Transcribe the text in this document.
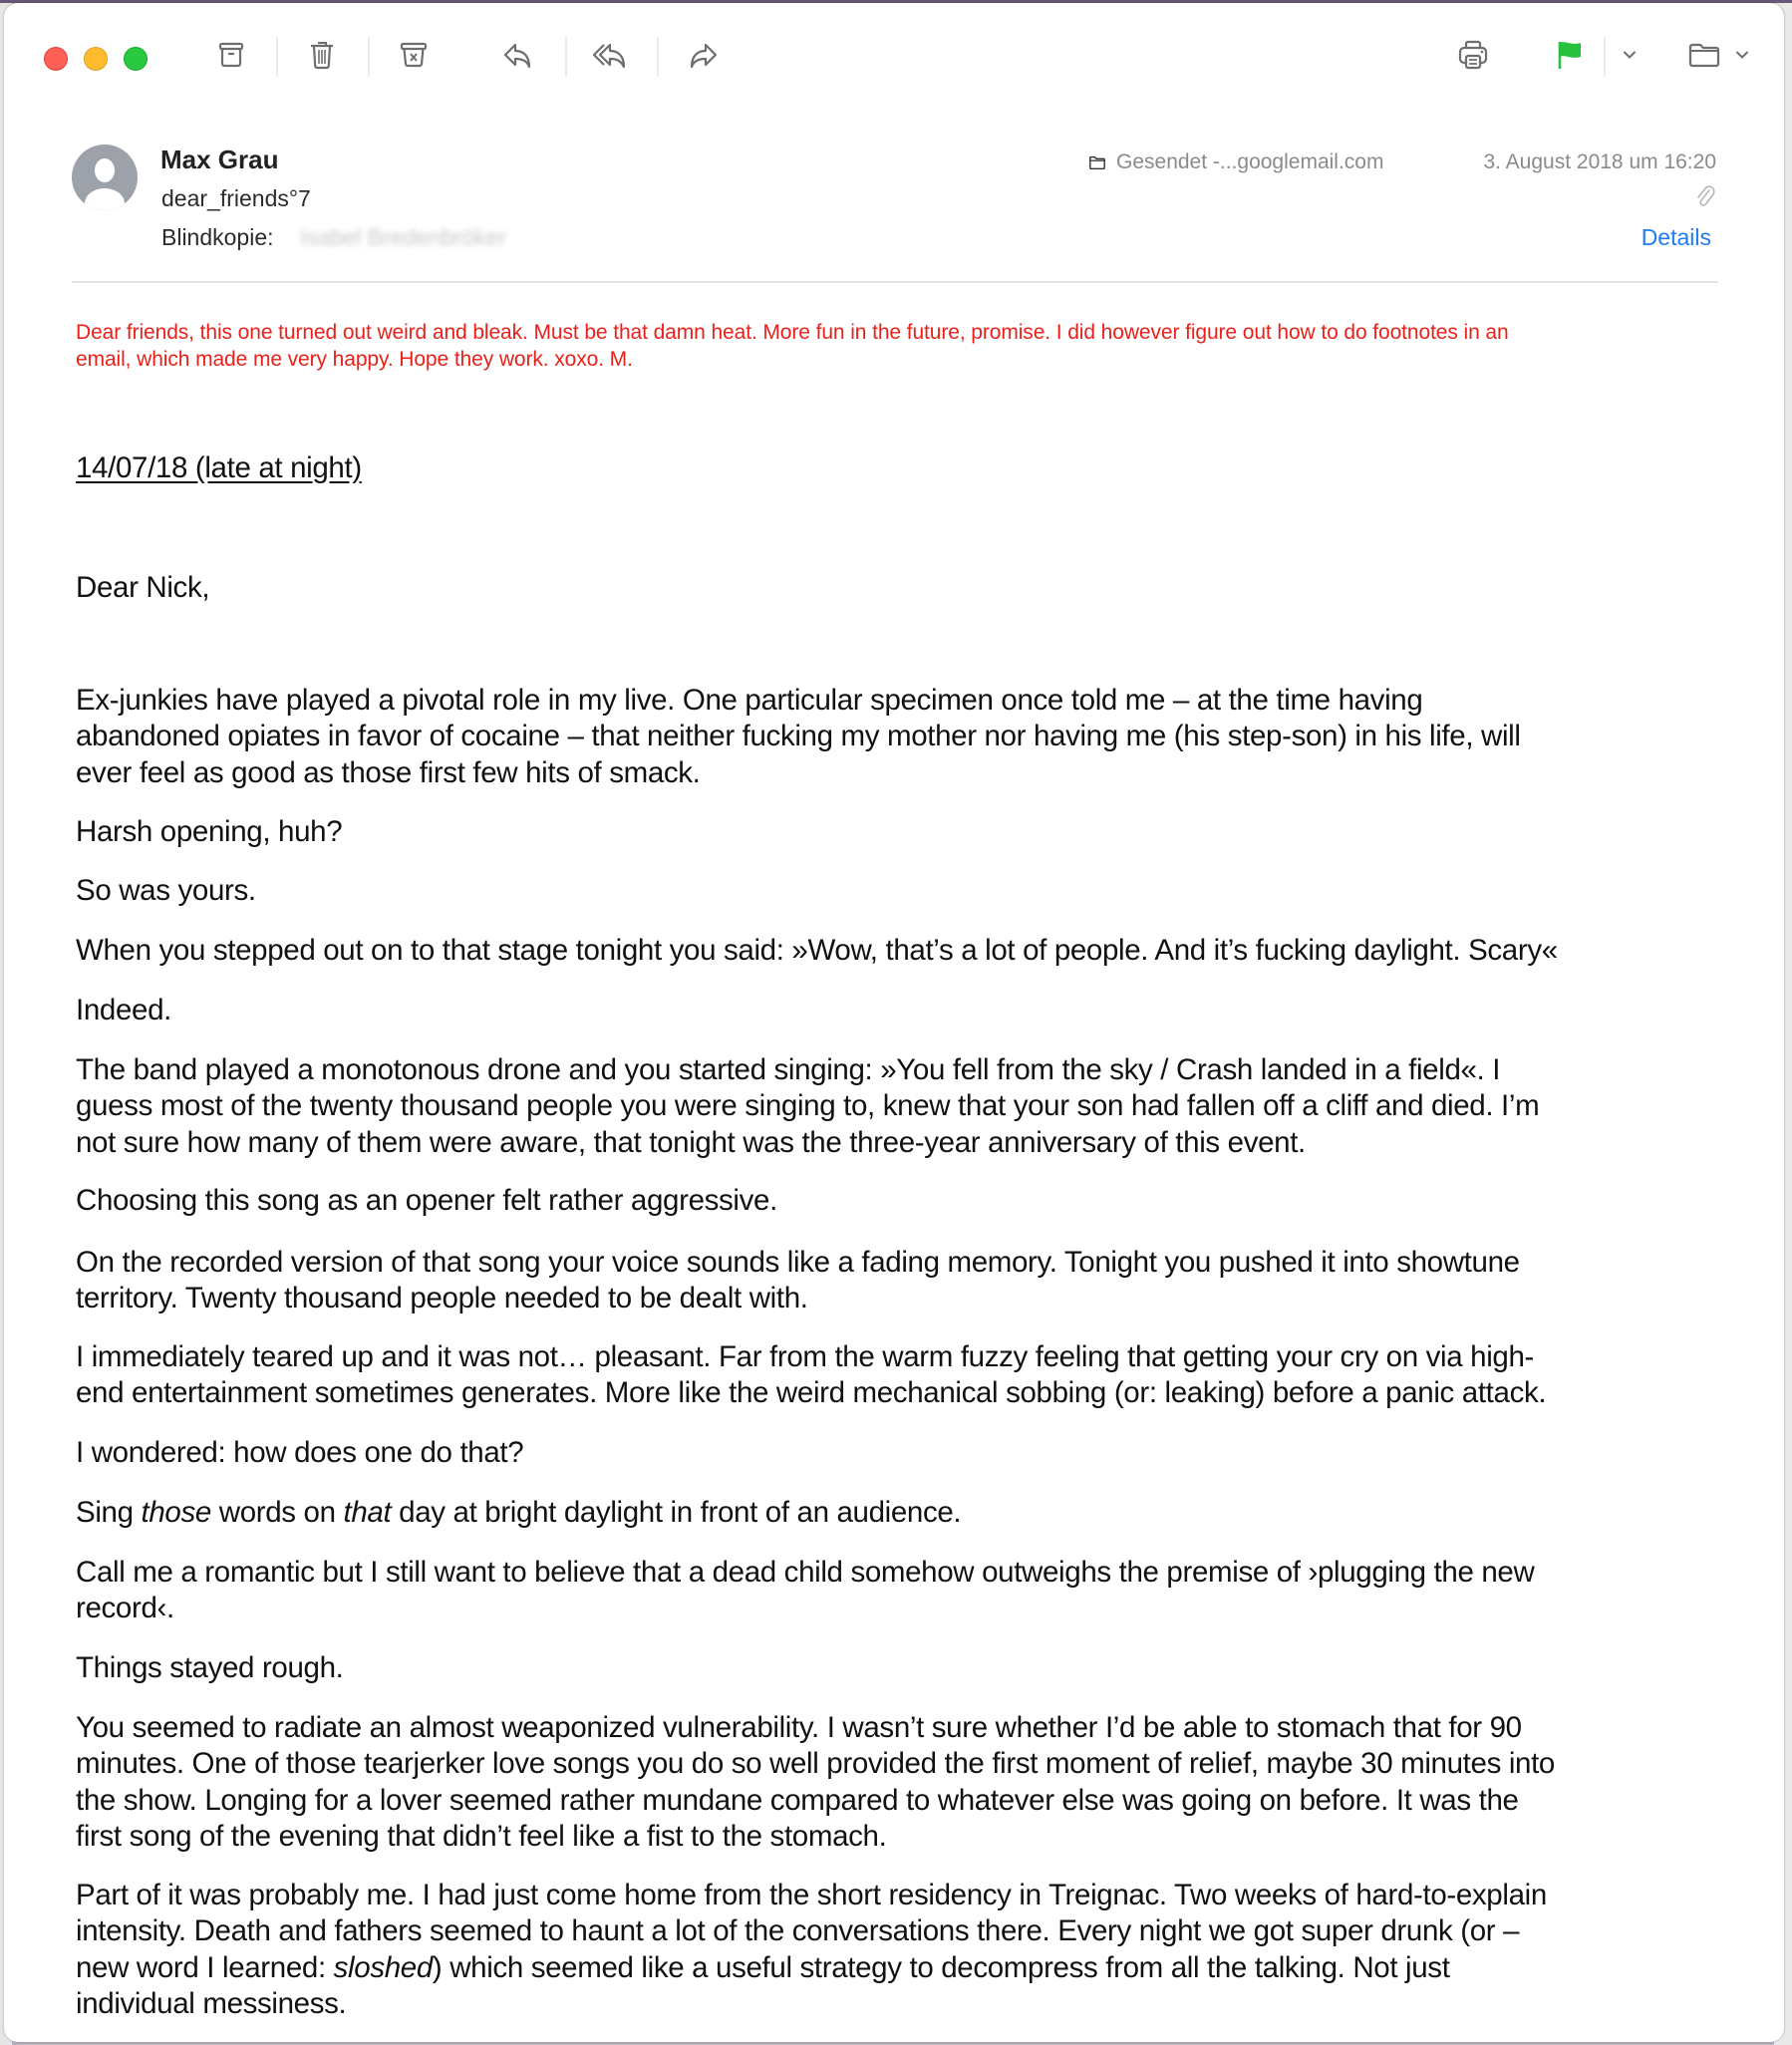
Max Grau
dear_friends°7
Blindkopie: Isabel Bredenbröker
Gesendet -...googlemail.com	3. August 2018 um 16:20
Details
Dear friends, this one turned out weird and bleak. Must be that damn heat. More fun in the future, promise. I did however figure out how to do footnotes in an
email, which made me very happy. Hope they work. xoxo. M.
14/07/18 (late at night)
Dear Nick,
Ex-junkies have played a pivotal role in my live. One particular specimen once told me – at the time having
abandoned opiates in favor of cocaine – that neither fucking my mother nor having me (his step-son) in his life, will
ever feel as good as those first few hits of smack.
Harsh opening, huh?
So was yours.
When you stepped out on to that stage tonight you said: »Wow, that’s a lot of people. And it’s fucking daylight. Scary«
Indeed.
The band played a monotonous drone and you started singing: »You fell from the sky / Crash landed in a field«. I
guess most of the twenty thousand people you were singing to, knew that your son had fallen off a cliff and died. I’m
not sure how many of them were aware, that tonight was the three-year anniversary of this event.
Choosing this song as an opener felt rather aggressive.
On the recorded version of that song your voice sounds like a fading memory. Tonight you pushed it into showtune
territory. Twenty thousand people needed to be dealt with.
I immediately teared up and it was not… pleasant. Far from the warm fuzzy feeling that getting your cry on via high-
end entertainment sometimes generates. More like the weird mechanical sobbing (or: leaking) before a panic attack.
I wondered: how does one do that?
Sing those words on that day at bright daylight in front of an audience.
Call me a romantic but I still want to believe that a dead child somehow outweighs the premise of ›plugging the new
record‹.
Things stayed rough.
You seemed to radiate an almost weaponized vulnerability. I wasn’t sure whether I’d be able to stomach that for 90
minutes. One of those tearjerker love songs you do so well provided the first moment of relief, maybe 30 minutes into
the show. Longing for a lover seemed rather mundane compared to whatever else was going on before. It was the
first song of the evening that didn’t feel like a fist to the stomach.
Part of it was probably me. I had just come home from the short residency in Treignac. Two weeks of hard-to-explain
intensity. Death and fathers seemed to haunt a lot of the conversations there. Every night we got super drunk (or –
new word I learned: sloshed) which seemed like a useful strategy to decompress from all the talking. Not just
individual messiness.
